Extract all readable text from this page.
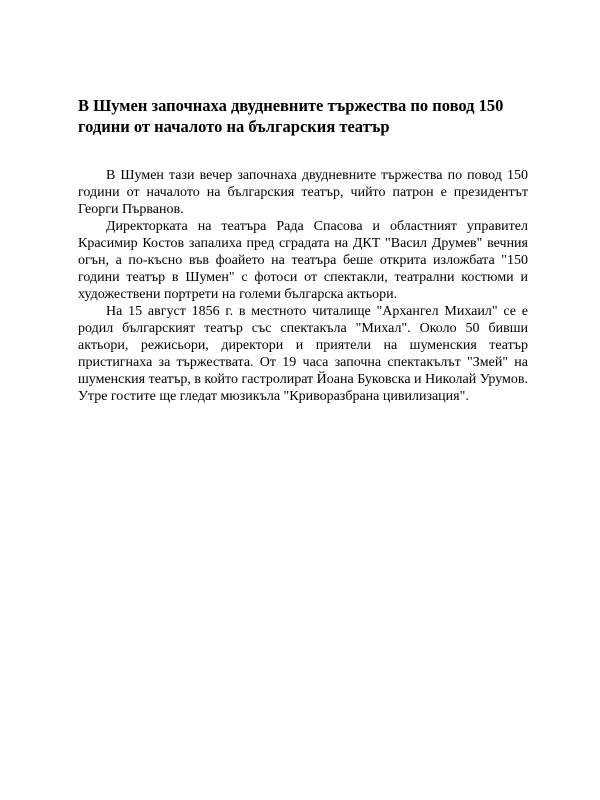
В Шумен започнаха двудневните тържества по повод 150 години от началото на българския театър

В Шумен тази вечер започнаха двудневните тържества по повод 150 години от началото на българския театър, чийто патрон е президентът Георги Първанов.

Директорката на театъра Рада Спасова и областният управител Красимир Костов запалиха пред сградата на ДКТ "Васил Друмев" вечния огън, а по-късно във фоайето на театъра беше открита изложбата "150 години театър в Шумен" с фотоси от спектакли, театрални костюми и художествени портрети на големи българска актьори.

На 15 август 1856 г. в местното читалище "Архангел Михаил" се е родил българският театър със спектакъла "Михал". Около 50 бивши актьори, режисьори, директори и приятели на шуменския театър пристигнаха за тържествата. От 19 часа започна спектакълът "Змей" на шуменския театър, в който гастролират Йоана Буковска и Николай Урумов. Утре гостите ще гледат мюзикъла "Криворазбрана цивилизация".
